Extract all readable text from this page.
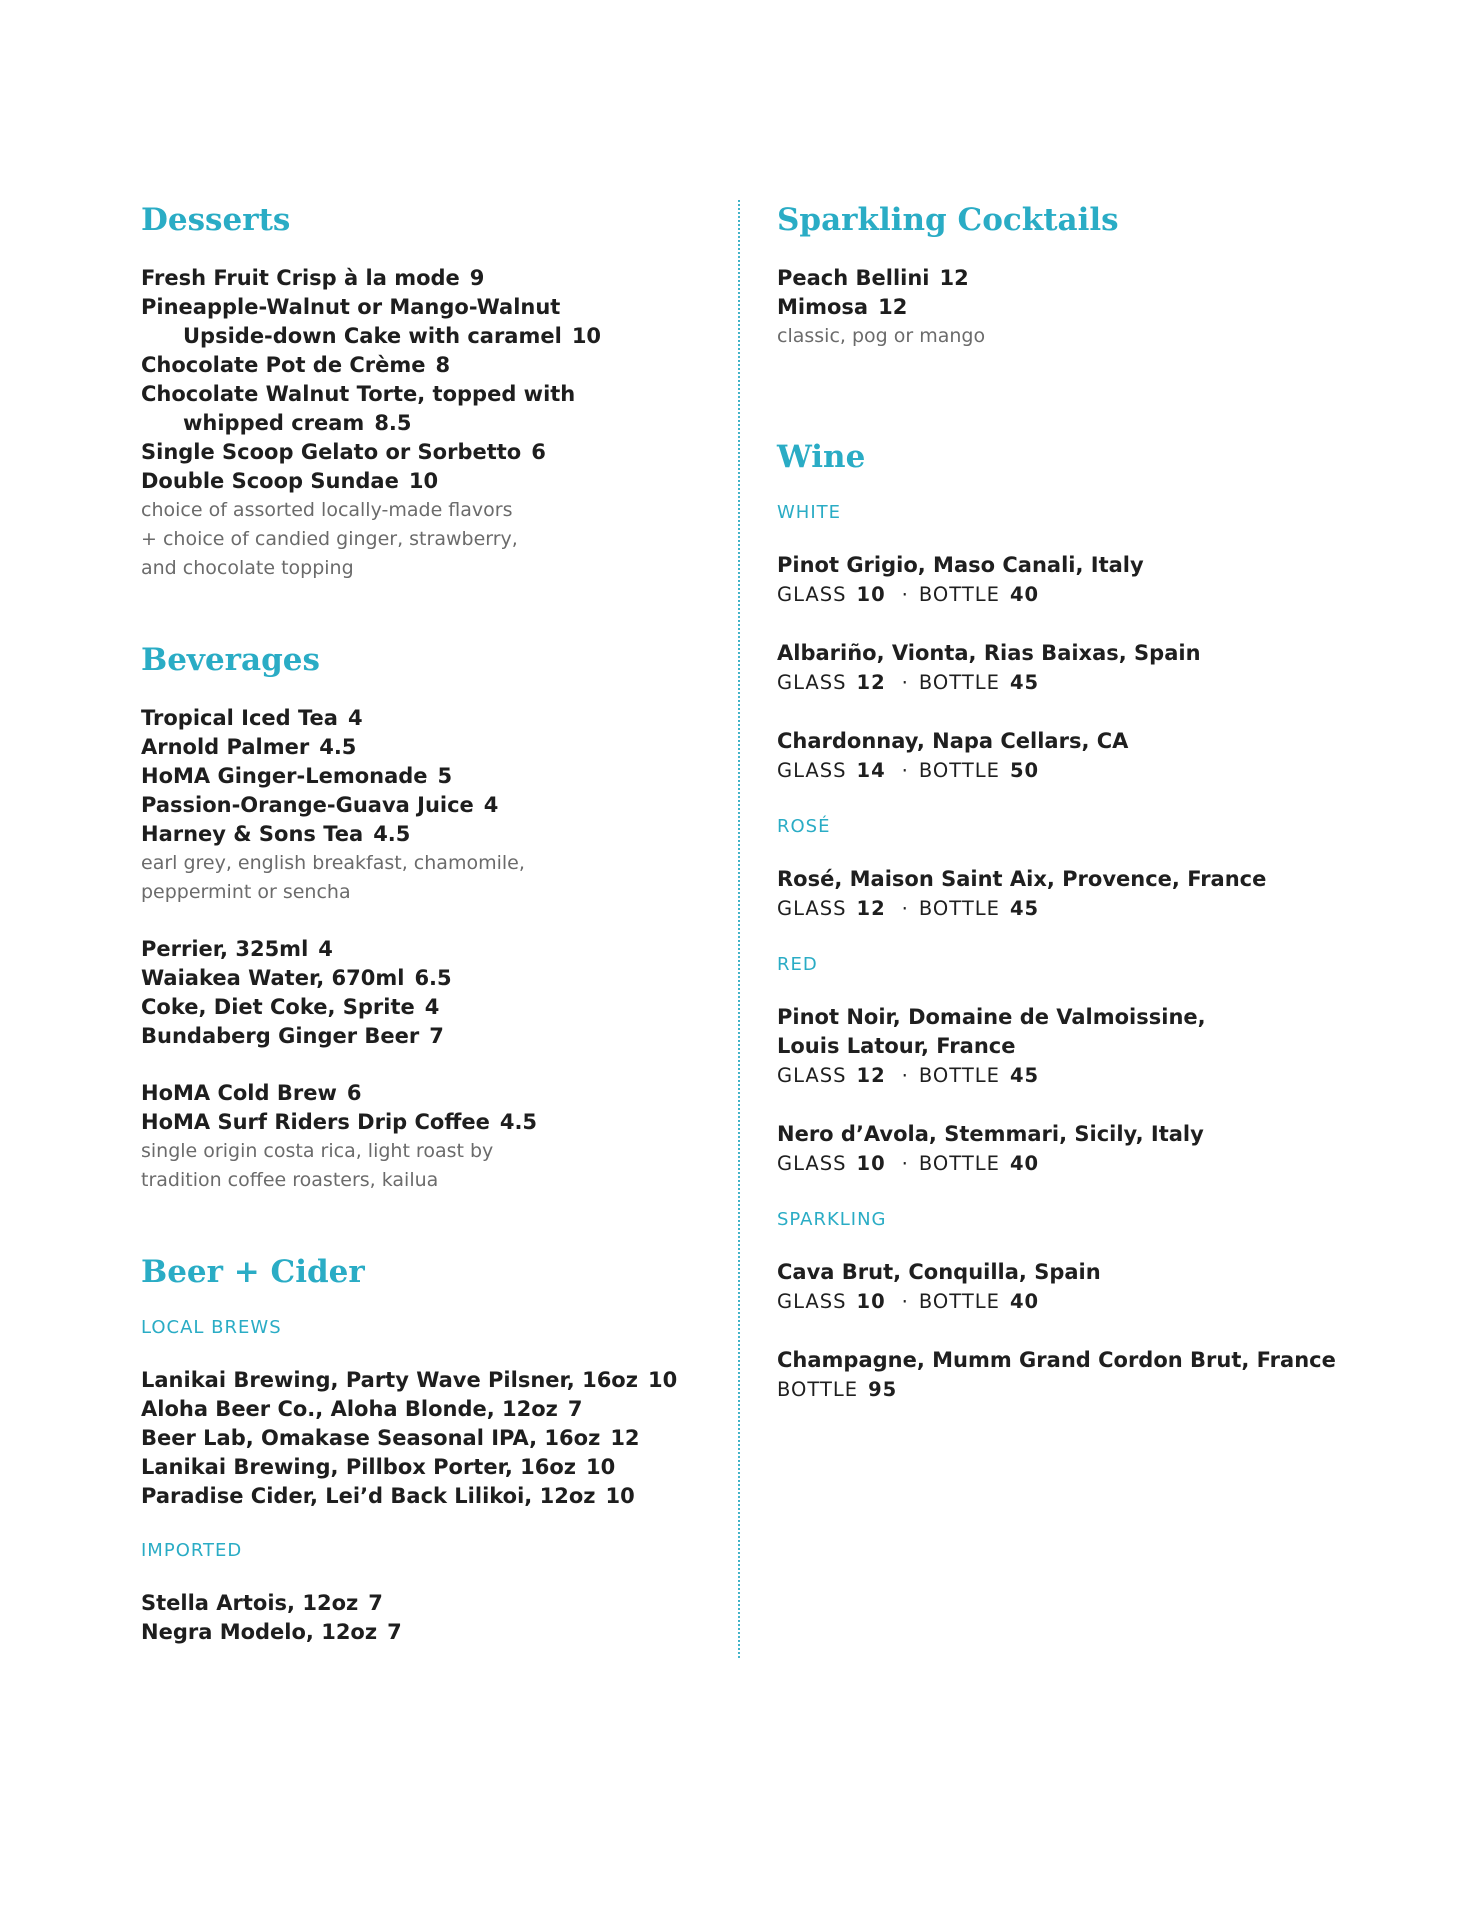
Desserts

Fresh Fruit Crisp à la mode 9

Pineapple-Walnut or Mango-Walnut
Upside-down Cake with caramel 10

Chocolate Pot de Crème 8

Chocolate Walnut Torte, topped with
whipped cream 8.5

Single Scoop Gelato or Sorbetto 6

Double Scoop Sundae 10

choice of assorted locally-made flavors

+ choice of candied ginger, strawberry,

and chocolate topping

Beverages

Tropical Iced Tea 4

Arnold Palmer 4.5

HoMA Ginger-Lemonade 5

Passion-Orange-Guava Juice 4

Harney & Sons Tea 4.5

earl grey, english breakfast, chamomile,

peppermint or sencha

Perrier, 325ml 4

Waiakea Water, 670ml 6.5

Coke, Diet Coke, Sprite 4

Bundaberg Ginger Beer 7

HoMA Cold Brew 6

HoMA Surf Riders Drip Coffee 4.5

single origin costa rica, light roast by

tradition coffee roasters, kailua

Beer + Cider

LOCAL BREWS

Lanikai Brewing, Party Wave Pilsner, 16oz 10

Aloha Beer Co., Aloha Blonde, 12oz 7

Beer Lab, Omakase Seasonal IPA, 16oz 12

Lanikai Brewing, Pillbox Porter, 16oz 10

Paradise Cider, Lei’d Back Lilikoi, 12oz 10

IMPORTED

Stella Artois, 12oz 7

Negra Modelo, 12oz 7

Sparkling Cocktails

Peach Bellini 12

Mimosa 12

classic, pog or mango

Wine

WHITE

Pinot Grigio, Maso Canali, Italy
GLASS 10 · BOTTLE 40
Albariño, Vionta, Rias Baixas, Spain
GLASS 12 · BOTTLE 45
Chardonnay, Napa Cellars, CA
GLASS 14 · BOTTLE 50

ROSÉ

Rosé, Maison Saint Aix, Provence, France
GLASS 12 · BOTTLE 45

RED

Pinot Noir, Domaine de Valmoissine,
Louis Latour, France
GLASS 12 · BOTTLE 45
Nero d’Avola, Stemmari, Sicily, Italy
GLASS 10 · BOTTLE 40

SPARKLING

Cava Brut, Conquilla, Spain
GLASS 10 · BOTTLE 40
Champagne, Mumm Grand Cordon Brut, France
BOTTLE 95
